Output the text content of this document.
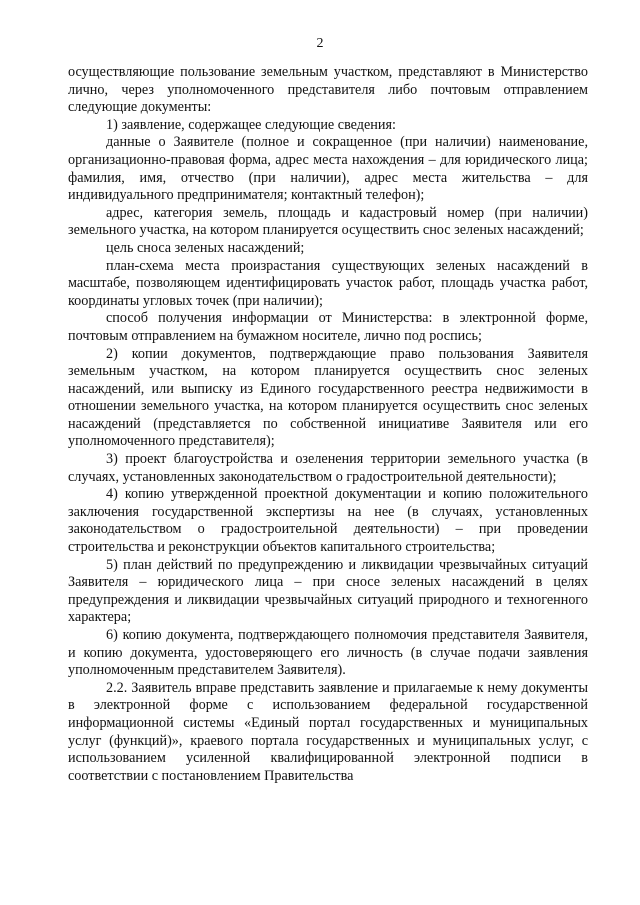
2

осуществляющие пользование земельным участком, представляют в Министерство лично, через уполномоченного представителя либо почтовым отправлением следующие документы:

1) заявление, содержащее следующие сведения:

данные о Заявителе (полное и сокращенное (при наличии) наименование, организационно-правовая форма, адрес места нахождения – для юридического лица; фамилия, имя, отчество (при наличии), адрес места жительства – для индивидуального предпринимателя; контактный телефон);

адрес, категория земель, площадь и кадастровый номер (при наличии) земельного участка, на котором планируется осуществить снос зеленых насаждений;

цель сноса зеленых насаждений;

план-схема места произрастания существующих зеленых насаждений в масштабе, позволяющем идентифицировать участок работ, площадь участка работ, координаты угловых точек (при наличии);

способ получения информации от Министерства: в электронной форме, почтовым отправлением на бумажном носителе, лично под роспись;

2) копии документов, подтверждающие право пользования Заявителя земельным участком, на котором планируется осуществить снос зеленых насаждений, или выписку из Единого государственного реестра недвижимости в отношении земельного участка, на котором планируется осуществить снос зеленых насаждений (представляется по собственной инициативе Заявителя или его уполномоченного представителя);

3) проект благоустройства и озеленения территории земельного участка (в случаях, установленных законодательством о градостроительной деятельности);

4) копию утвержденной проектной документации и копию положительного заключения государственной экспертизы на нее (в случаях, установленных законодательством о градостроительной деятельности) – при проведении строительства и реконструкции объектов капитального строительства;

5) план действий по предупреждению и ликвидации чрезвычайных ситуаций Заявителя – юридического лица – при сносе зеленых насаждений в целях предупреждения и ликвидации чрезвычайных ситуаций природного и техногенного характера;

6) копию документа, подтверждающего полномочия представителя Заявителя, и копию документа, удостоверяющего его личность (в случае подачи заявления уполномоченным представителем Заявителя).

2.2. Заявитель вправе представить заявление и прилагаемые к нему документы в электронной форме с использованием федеральной государственной информационной системы «Единый портал государственных и муниципальных услуг (функций)», краевого портала государственных и муниципальных услуг, с использованием усиленной квалифицированной электронной подписи в соответствии с постановлением Правительства
